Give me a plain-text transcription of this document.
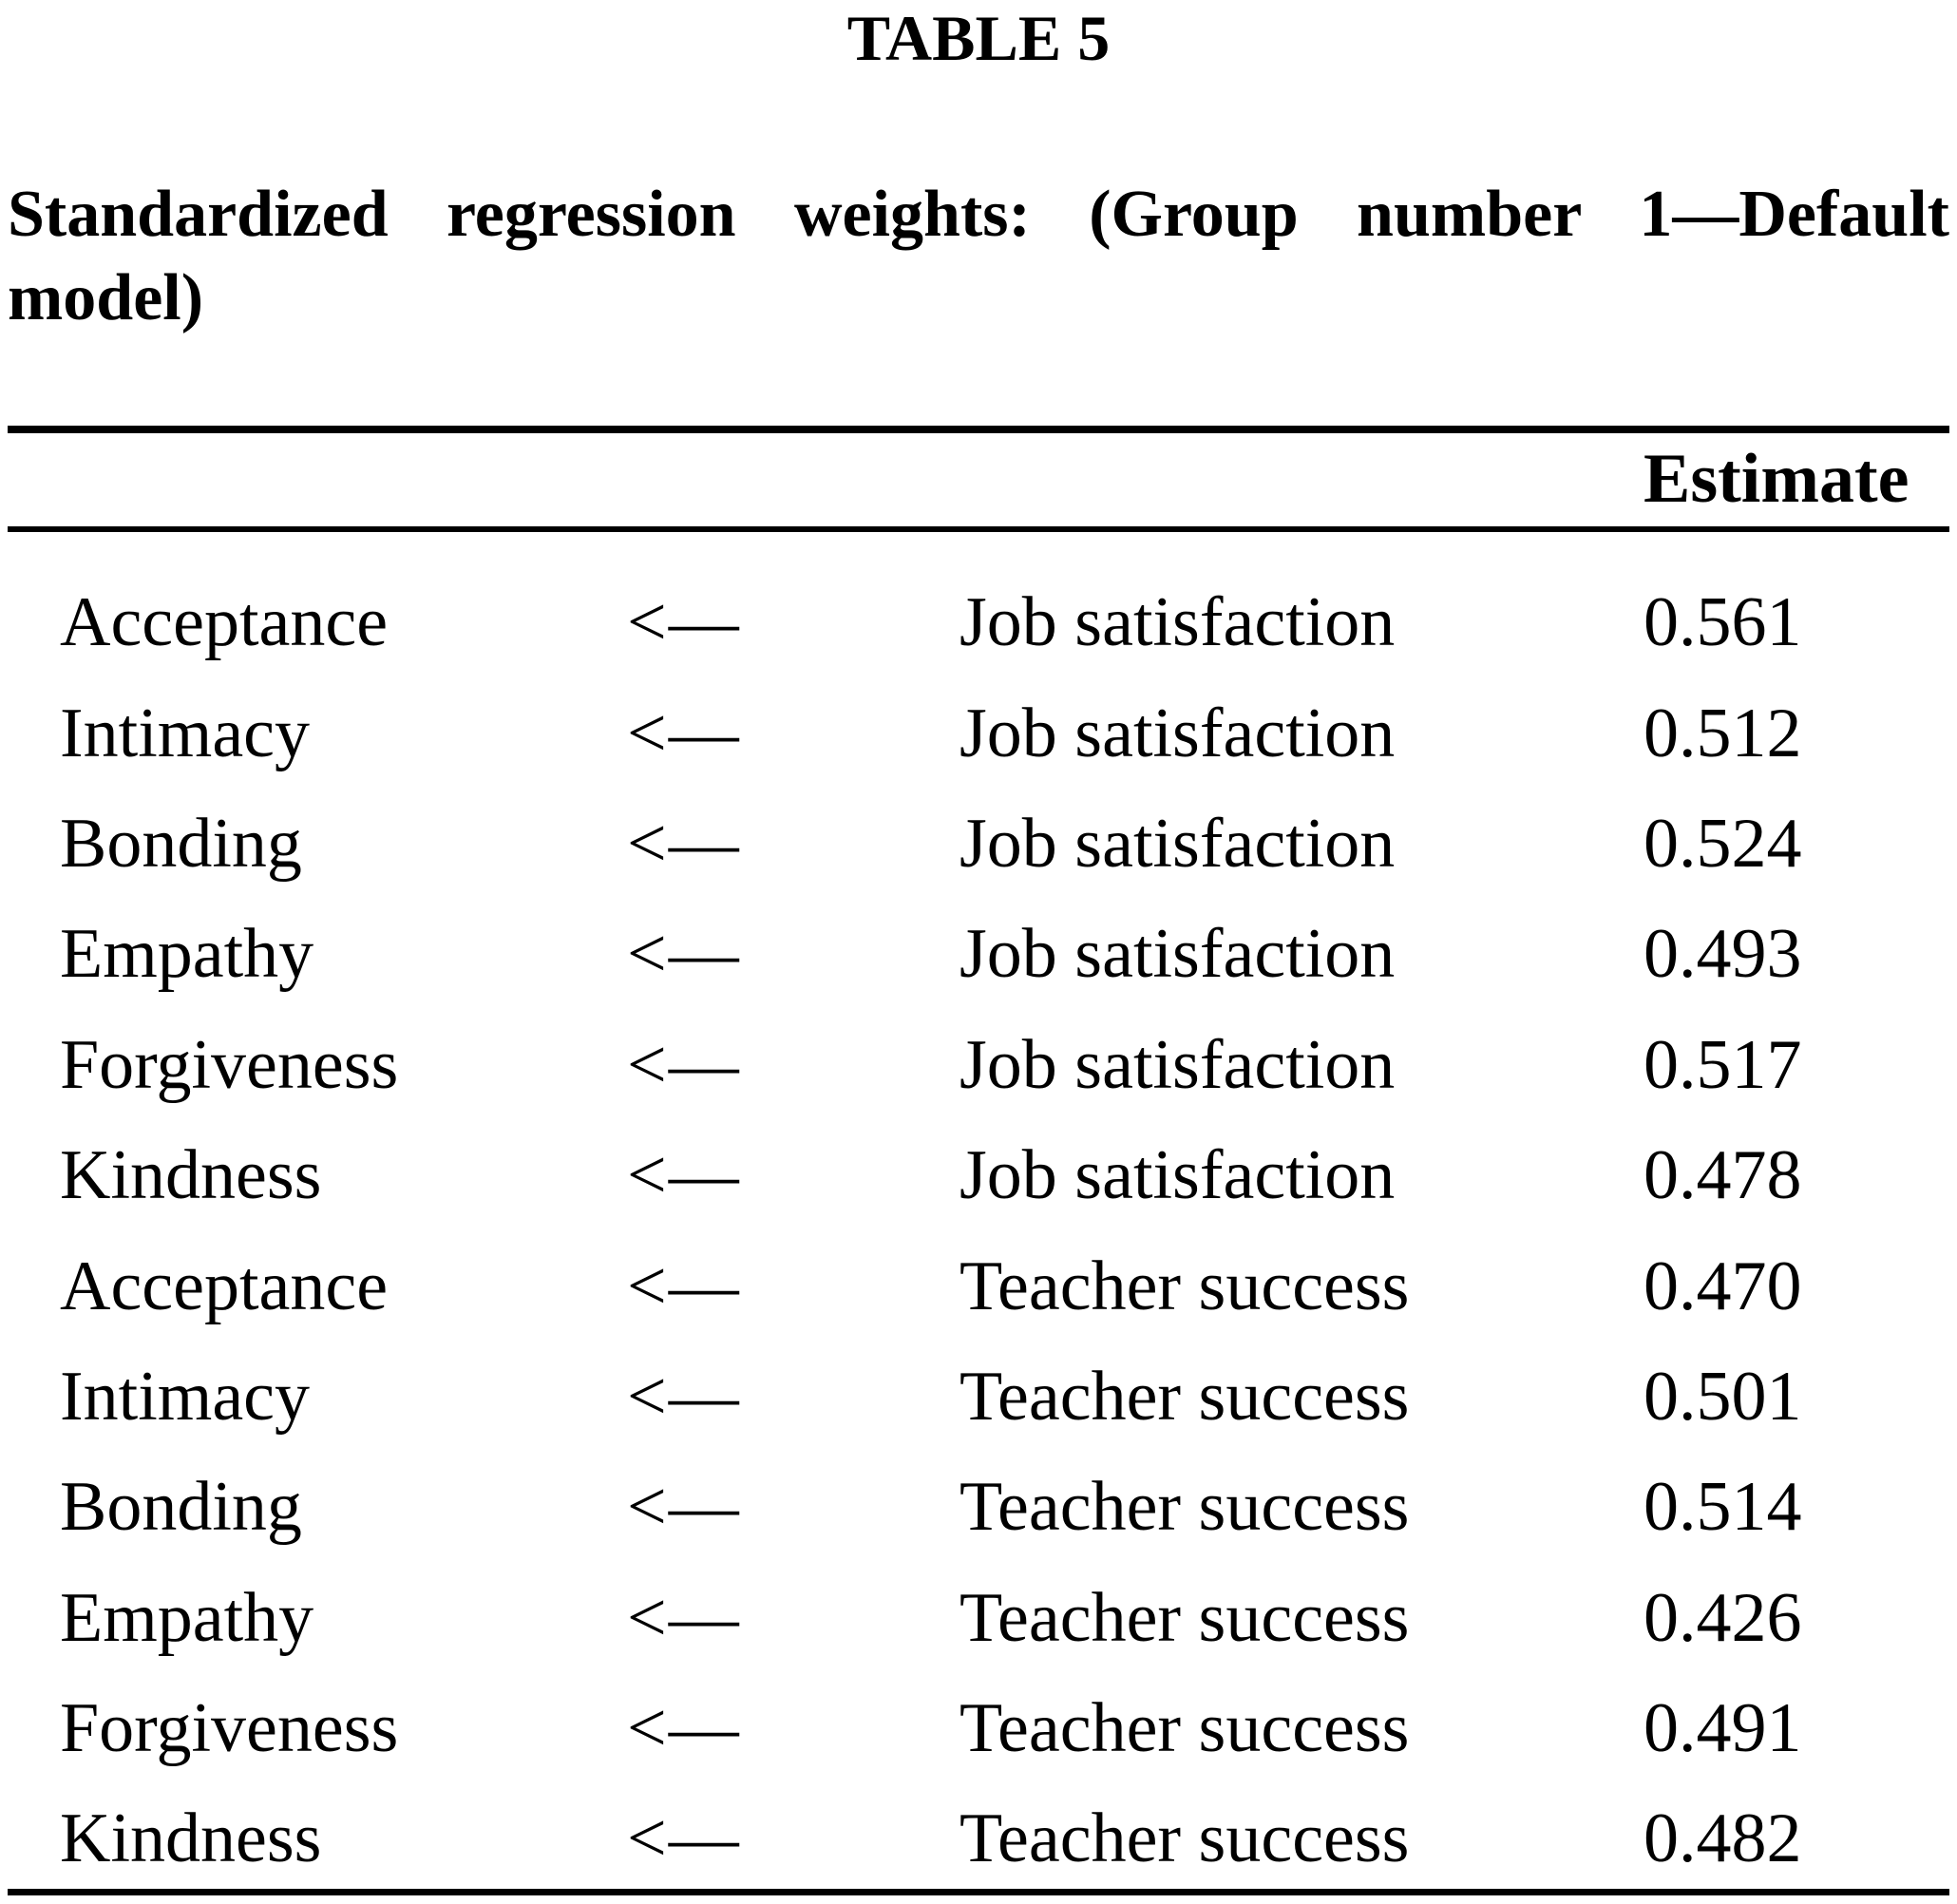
TABLE 5
Standardized regression weights: (Group number 1—Default
model)
Estimate
Acceptance	<—	Job satisfaction	0.561
Intimacy	<—	Job satisfaction	0.512
Bonding	<—	Job satisfaction	0.524
Empathy	<—	Job satisfaction	0.493
Forgiveness	<—	Job satisfaction	0.517
Kindness	<—	Job satisfaction	0.478
Acceptance	<—	Teacher success	0.470
Intimacy	<—	Teacher success	0.501
Bonding	<—	Teacher success	0.514
Empathy	<—	Teacher success	0.426
Forgiveness	<—	Teacher success	0.491
Kindness	<—	Teacher success	0.482
